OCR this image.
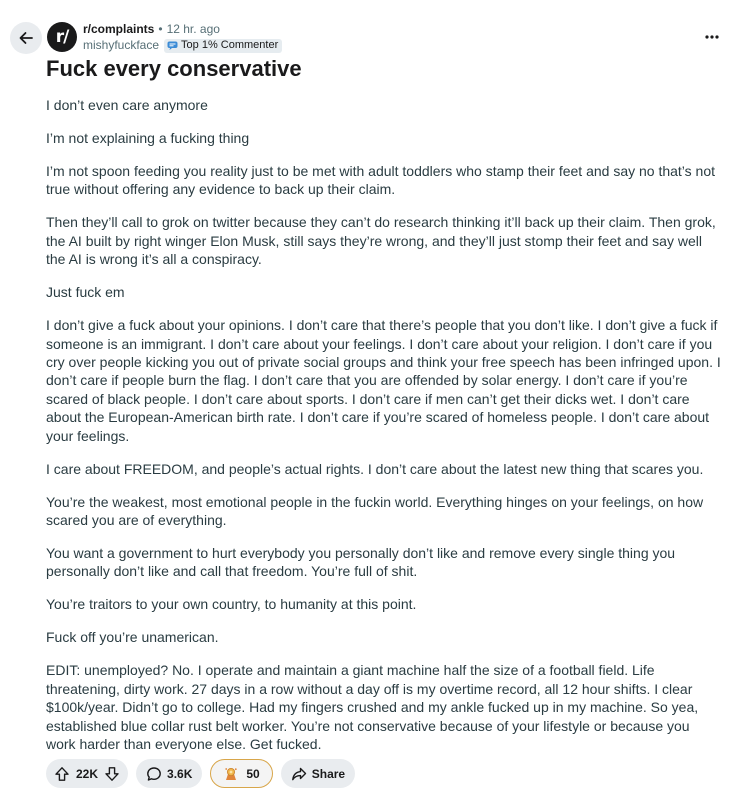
r/ r/complaints • 12 hr. ago
mishyfuckface Top 1% Commenter
Fuck every conservative

I don’t even care anymore

I’m not explaining a fucking thing

I’m not spoon feeding you reality just to be met with adult toddlers who stamp their feet and say no that’s not true without offering any evidence to back up their claim.

Then they’ll call to grok on twitter because they can’t do research thinking it’ll back up their claim. Then grok, the AI built by right winger Elon Musk, still says they’re wrong, and they’ll just stomp their feet and say well the AI is wrong it’s all a conspiracy.

Just fuck em

I don’t give a fuck about your opinions. I don’t care that there’s people that you don’t like. I don’t give a fuck if someone is an immigrant. I don’t care about your feelings. I don’t care about your religion. I don’t care if you cry over people kicking you out of private social groups and think your free speech has been infringed upon. I don’t care if people burn the flag. I don’t care that you are offended by solar energy. I don’t care if you’re scared of black people. I don’t care about sports. I don’t care if men can’t get their dicks wet. I don’t care about the European-American birth rate. I don’t care if you’re scared of homeless people. I don’t care about your feelings.

I care about FREEDOM, and people’s actual rights. I don’t care about the latest new thing that scares you.

You’re the weakest, most emotional people in the fuckin world. Everything hinges on your feelings, on how scared you are of everything.

You want a government to hurt everybody you personally don’t like and remove every single thing you personally don’t like and call that freedom. You’re full of shit.

You’re traitors to your own country, to humanity at this point.

Fuck off you’re unamerican.

EDIT: unemployed? No. I operate and maintain a giant machine half the size of a football field. Life threatening, dirty work. 27 days in a row without a day off is my overtime record, all 12 hour shifts. I clear $100k/year. Didn’t go to college. Had my fingers crushed and my ankle fucked up in my machine. So yea, established blue collar rust belt worker. You’re not conservative because of your lifestyle or because you work harder than everyone else. Get fucked.

22K	3.6K	50	Share
